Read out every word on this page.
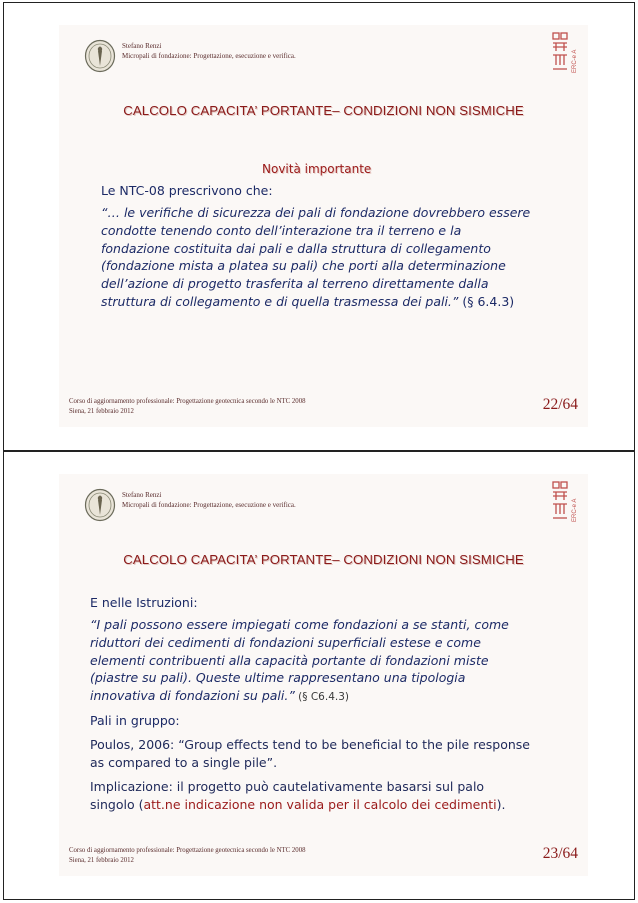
Stefano Renzi
Micropali di fondazione: Progettazione, esecuzione e verifica.	ERC-e A
CALCOLO CAPACITA’ PORTANTE– CONDIZIONI NON SISMICHE
Novità importante
Le NTC-08 prescrivono che:
“… le verifiche di sicurezza dei pali di fondazione dovrebbero essere
condotte tenendo conto dell’interazione tra il terreno e la
fondazione costituita dai pali e dalla struttura di collegamento
(fondazione mista a platea su pali) che porti alla determinazione
dell’azione di progetto trasferita al terreno direttamente dalla
struttura di collegamento e di quella trasmessa dei pali.” (§ 6.4.3)
Corso di aggiornamento professionale: Progettazione geotecnica secondo le NTC 2008
Siena, 21 febbraio 2012	22/64
Stefano Renzi
Micropali di fondazione: Progettazione, esecuzione e verifica.	ERC-e A
CALCOLO CAPACITA’ PORTANTE– CONDIZIONI NON SISMICHE
E nelle Istruzioni:
“I pali possono essere impiegati come fondazioni a se stanti, come
riduttori dei cedimenti di fondazioni superficiali estese e come
elementi contribuenti alla capacità portante di fondazioni miste
(piastre su pali). Queste ultime rappresentano una tipologia
innovativa di fondazioni su pali.” (§ C6.4.3)
Pali in gruppo:
Poulos, 2006: “Group effects tend to be beneficial to the pile response
as compared to a single pile”.
Implicazione: il progetto può cautelativamente basarsi sul palo
singolo (att.ne indicazione non valida per il calcolo dei cedimenti).
Corso di aggiornamento professionale: Progettazione geotecnica secondo le NTC 2008
Siena, 21 febbraio 2012	23/64
